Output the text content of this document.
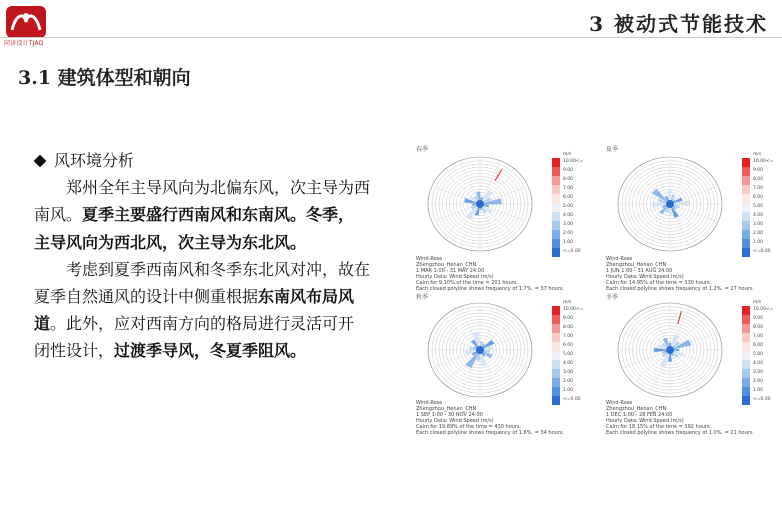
同济设计TJAD
3 被动式节能技术
3.1 建筑体型和朝向

风环境分析

郑州全年主导风向为北偏东风，次主导为西南风。夏季主要盛行西南风和东南风。冬季，主导风向为西北风，次主导为东北风。

考虑到夏季西南风和冬季东北风对冲，故在夏季自然通风的设计中侧重根据东南风布局风道。此外，应对西南方向的格局进行灵活可开闭性设计，过渡季导风，冬夏季阻风。

春季
m/s
10.00<=
9.00
8.00
7.00
6.00
5.00
4.00
3.00
2.00
1.00
<=0.00
Wind-Rose
Zhengzhou_Henan_CHN
1 MAR 1:00 - 31 MAY 24:00
Hourly Data: Wind Speed (m/s)
Calm for 9.10% of the time = 201 hours.
Each closed polyline shows frequency of 1.7%. = 37 hours.
夏季
m/s
10.00<=
9.00
8.00
7.00
6.00
5.00
4.00
3.00
2.00
1.00
<=0.00
Wind-Rose
Zhengzhou_Henan_CHN
1 JUN 1:00 - 31 AUG 24:00
Hourly Data: Wind Speed (m/s)
Calm for 14.95% of the time = 330 hours.
Each closed polyline shows frequency of 1.2%. = 27 hours.
秋季
m/s
10.00<=
9.00
8.00
7.00
6.00
5.00
4.00
3.00
2.00
1.00
<=0.00
Wind-Rose
Zhengzhou_Henan_CHN
1 SEP 1:00 - 30 NOV 24:00
Hourly Data: Wind Speed (m/s)
Calm for 19.69% of the time = 430 hours.
Each closed polyline shows frequency of 1.6%. = 34 hours.
冬季
m/s
10.00<=
9.00
8.00
7.00
6.00
5.00
4.00
3.00
2.00
1.00
<=0.00
Wind-Rose
Zhengzhou_Henan_CHN
1 DEC 1:00 - 28 FEB 24:00
Hourly Data: Wind Speed (m/s)
Calm for 18.15% of the time = 392 hours.
Each closed polyline shows frequency of 1.0%. = 21 hours.
